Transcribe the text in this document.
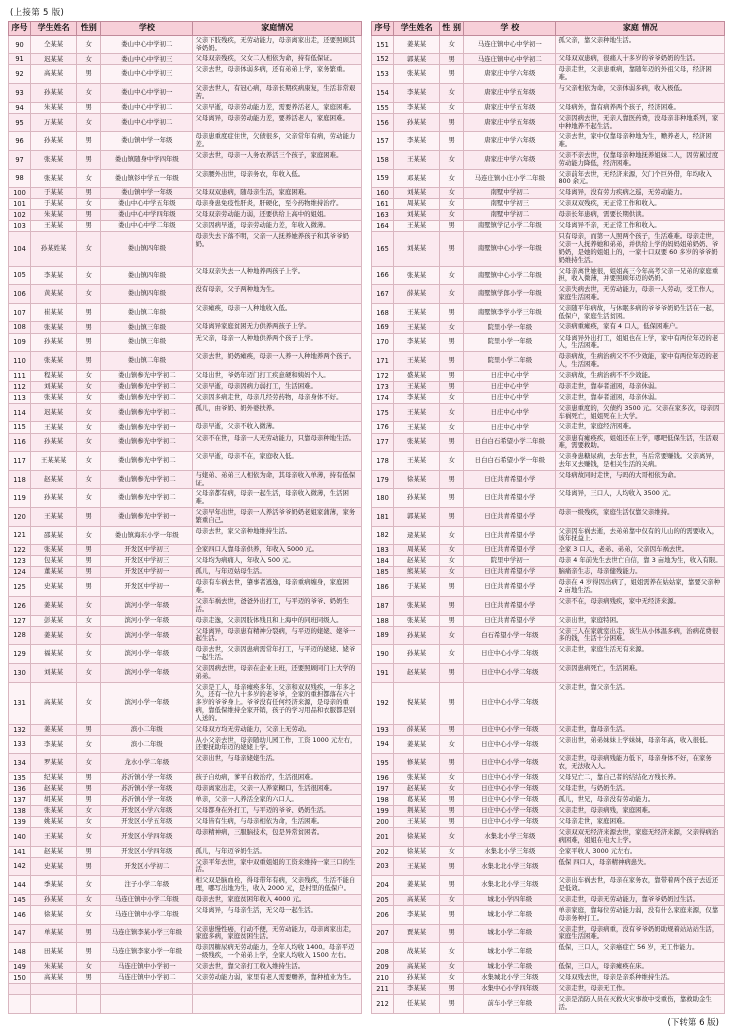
(上接第 5 版)
序号	学生姓名	性别	学校	家庭情况		序号	学生姓名	性 别	学 校	家庭 情况
90	仝某某	女	娄山中心中学初二	父亲下肢残疾，无劳动能力，母亲离家出走，还要照顾其爷奶奶。		151	姜某某	女	马连庄镇中心中学初一	孤父亲，靠父亲种地生活。
91	迟某某	女	娄山中心中学初三	父母双亲残疾，父女二人相依为命，持有低保证。		152	郭某某	男	马连庄镇中心中学初二	父母双双患病，很痛人十多岁的爷爷奶奶的生活。
92	高某某	男	娄山中心中学初三	父亲去世，母亲体弱多病，还有弟弟上学，家务繁重。		153	张某某	男	唐家庄中学六年级	母亲走世，父亲患重病，靠随年迈的外祖父母，经济困难。
93	孙某某	女	娄山中心中学初一	父亲去世人，有冠心病，母亲长期疾病康复，生活非常艰苦。		154	李某某	女	唐家庄中学五年级	与父亲相依为命，父亲体弱多病，收入极低。
94	朱某某	男	娄山中心中学初二	父亲早逝，母亲劳动能力差，需要养活老人，家庭困难。		155	李某某	女	唐家庄中学五年级	父母病外，靠有病养两个孩子，经济困难。
95	万某某	女	娄山中心中学初二	父母离异，母亲劳动能力差，要养活老人，家庭困难。		156	孙某某	男	唐家庄中学五年级	父亲因病去世，无亲人靠医药费，没母亲非种地系列，家中种地养不起生活。
96	孙某某	男	娄山镇中学一年级	母亲患重度症住世，欠债很多，父亲常年有病，劳动能力差。		157	李某某	男	唐家庄中学六年级	父亲去世，家中仅靠母亲种地为生，赡养老人，经济困难。
97	张某某	男	娄山镇随身中学四年级	父亲去世，母亲一人务农养活三个孩子，家庭困难。		158	王某某	女	唐家庄中学六年级	父亲不亲去世，仅靠母亲种地抚养姐妹二人，因劳累过度劳动能力降低，经济困难。
98	张某某	女	娄山镇钐中学五一年级	父亲腰外出世，母亲务农，年收入低。		159	邓某某	女	马连庄镇小庄小学二年级	父亲前年去世，无经济来源，欠门个巨外借，年均收入 800 余元。
100	于某某	男	娄山镇中学一年级	父母双双患病，随母亲生活，家庭困难。		160	刘某某	女	南墅中学初二	父母离异，没有劳力疾病之巡，无劳动能力。
101	于某某	女	娄山中心中学五年级	母亲身患免疫性肝炎，肝硬化，至今药物维持治疗。		161	周某某	女	南墅中学初三	父亲双双残疾，无正常工作和收入。
102	朱某某	男	娄山中心中学四年级	父母双亲劳动能力弱，还要供给上高中的姐姐。		163	刘某某	女	南墅中学初二	母亲长年患病，需要长期供读。
103	王某某	男	娄山中心中学二年级	父亲因病早逝，母亲劳动能力差，年收入微薄。		164	王某某	男	南墅镇学记小学二年级	父母离异不亲，无正常工作和收入。
104	孙某姓某	女	娄山镇四年级	母亲失去下落不明，父亲一人抚养她养孩子和其爷爷奶奶。		165	刘某某	男	南墅镇中心小学一年级	只有母亲，而第一人照两个孩子，生活难难。母亲走世，父亲一人抚养她和弟弟，并供给上学的妈妈姐弟奶奶、爷奶奶，是她的姐姐上的，一家十口双要 60 多岁的爷爷奶奶维持生活。
105	李某某	女	娄山镇四年级	父母双亲失去一人种地养两孩子上学。		166	张某某	女	南墅镇中心小学二年级	父母亲离世她很，姐姐高三今年高考父亲一兄弟的家庭重担，收入微薄，并要照顾年迈的奶奶。
106	黄某某	女	娄山镇四年级	没有母亲，父子两种地为生。		167	薛某某	女	南墅镇学郎小学一年级	父亲失病去世，无劳动能力，母亲一人劳动，受工作人，家庭生活困难。
107	崔某某	男	娄山镇二年级	父亲瘫痪，母亲一人种地收入低。		168	王某某	男	南墅镇李学小学三年级	父亲随平年病故，与休眠多病的爷爷爷奶奶生活在一起，低保户，家庭生活贫困。
108	张某某	男	娄山镇三年级	父母离异家庭贫困无力供养两孩子上学。		169	王某某	女	院里小学一年级	父亲病重瘫痪，家有 4 口人，低保困难户。
109	孙某某	男	娄山镇三年级	无父亲，母亲一人种地供养两个孩子上学。		170	李某某	男	院里小学一年级	父母离异外出打工，姐姐也在上学，家中有两位年迈的老人，生活困难。
110	张某某	男	娄山镇二年级	父亲去世，奶奶瘫痪，母亲一人养一人种地养两个孩子。		171	王某某	男	院里小学二年级	母亲病故，生病治病父不不少效能，家中有两位年迈的老人，生活困难。
111	程某某	女	娄山镇参光中学初二	父母出世，爷奶年迈门打工疾意硬和姨妈个人。		172	盛某某	男	日庄中心中学	父亲病故，生病治病不不少效能。
112	刘某某	女	娄山镇参光中学初二	父亲早逝，母亲因病力弱打工，生活困难。		173	王某某	男	日庄中心中学	母亲走世，靠奉者道困，母亲休弱。
113	张某某	女	娄山镇参光中学初二	父亲因多病走世，母亲几经劳药物，母亲身体不好。		174	李某某	女	日庄中心中学	父亲走世，靠奉者道困，母亲休弱。
114	迟某某	女	娄山镇参光中学初二	孤儿，由爷奶、奶外婆扶养。		175	王某某	女	日庄中心中学	父亲患重度的，欠债约 3500 元。父亲在家多次，母亲因车祸死亡，姐姐死在上大学。
115	王某某	女	娄山镇参光中学初一	母亲早逝，父亲不收入微薄。		176	王某某	女	日庄中心中学	父亲走世，家庭经济困难。
116	孙某某	女	娄山镇参光中学初二	父亲不在世，母亲一人无劳动能力，只靠母亲种地生活。		177	张某某	男	日白白石希望小学二年级	父亲患有瘫痪疾，姐姐还在上学，哪吧低保生活，生活艰难，需要救助。
117	王某某某	女	娄山镇参光中学初二	父亲早逝，母亲不在，家庭收入低。		178	王某某	女	日白白石希望小学一年级	父亲身患糖尿病，去年去世，当后常要赚钱。父亲离异，去年又去赚钱，是相关生活的关病。
118	赵某某	女	娄山镇参光中学初二	与姥弟、弟弟三人相依为命，其母亲收入单薄，持有低保证。		179	徐某某	男	日庄共青希望小学	父母病故同时走世，与吗的大哥相依为命。
119	孙某某	女	娄山镇参光中学初二	父母亲都有病，母亲一起生活，母亲收入微薄，生活困难。		180	孙某某	男	日庄共青希望小学	父母离异，三口人，人均收入 3500 元。
120	王某某	男	娄山镇参光中学初一	父亲早年出世，母亲一人养活爷爷奶奶老姐家蒲薄，家务繁重自己。		181	郭某某	男	日庄共青希望小学	母亲一级残疾，家庭生活仅靠父亲维持。
121	邵某某	女	娄山镇海东小学一年级	母亲去世，家父亲种地维持生活。		182	逯某某	女	日庄共青希望小学	父亲因车祸去逝，去弟弟靠中仅有的儿山的的需要收入，该年抚益上.
122	张某某	男	开发区中学初三	全家四口人靠母亲供养，年收入 5000 元。		183	周某某	女	日庄共青希望小学	全家 3 口人，老弟、弟弟，父亲因车祸去世。
123	包某某	男	开发区中学初三	父母均为病痛人，年收入 500 元。		184	赵某某	女	院里中学初一	母亲 4 年前先生去世亡自信，靠 3 亩地为生，收入有限。
124	董某某	男	开发区中学初一	孤儿，与年迈姑母生活。		185	熊某某	女	日庄共青希望小学	脑痛亲生志，母亲健残能力。
125	史某某	男	开发区中学初一	母亲有车祸去世，肇事者逃逸，母亲重病缠身，家庭困难。		186	于某某	男	日庄共青希望小学	母亲在 4 岁得因出病了，姐姐需养在姑姑家，靠要父亲种 2 亩地生活。
126	姜某某	女	滨河小学一年级	父亲车祸去世，爸爸外出打工，与平迈的爷爷、奶奶生活。		187	张某某	男	日庄共青希望小学	父亲不在，母亲病残疾，家中无经济来源。
127	彭某某	女	滨河小学一年级	母亲走逸，父亲因肢体残且和上海中的同班同级人。		188	张某某	男	日庄共青希望小学	父亲出世，家庭特困。
128	姜某某	女	滨河小学一年级	父母离异，母亲患有精神分裂病，与平迈的姥姥、姥爷一起生活。		189	孙某某	女	白石希望小学一年级	父亲三人在家就室出走，该生从小体温多病，治病花费很多的钱，生活十分困难。
129	福某某	女	滨河小学一年级	母亲去世，父亲因患病需常年打工，与平迈的姥姥、姥爷一起生活。		190	孙某某	女	日庄中心小学二年级	父亲走世，家庭生活无有来源。
130	刘某某	女	滨河小学一年级	父亲因病去世，母亲在企业上班，还要照顾同门上大学的弟弟。		191	赵某某	男	日庄中心小学二年级	父亲因患病死亡，生活困难。
131	高某某	女	滨河小学一年级	父亲是工人，母亲瘫痪多年，父亲和双双残疾，一年多之久，还有一位九十多岁的老爷爷，全家的重担都落在六十多岁的爷爷身上。爷爷没有任何经济来源，是母亲的重病，靠低保维持全家开销，孩子的学习用品和衣服都是别人送的。		192	倪某某	男	日庄中心小学二年级	父亲走世，靠父亲生活。
132	姜某某	男	滨小二年级	父母双方均无劳动能力，父亲上无劳动。		193	薛某某	男	日庄中心小学一年级	父亲走世，靠母亲生活。
133	李某某	女	滨小二年级	从小父亲去世，母亲随幼儿园工作，工资 1000 元左右，还要抚助年迈的姥姥上学。		194	姜某某	女	日庄中心小学一年级	父亲出世，弟弟妹妹上学妹妹，母亲年高，收入很低。
134	罗某某	女	龙水小学二年级	父亲出世，与母亲姥姥生活。		195	修某某	男	日庄中心小学一年级	父亲走世，母亲病残能力低下，母亲身体不好，在家务农，无法收入人。
135	纪某某	男	苏沂镇小学一年级	孩子自幼病，爹平自救治疗，生活很困难。		196	张某某	女	日庄中心小学一年级	父母兄亡二，靠自己者的结结化方残长养。
136	赵某某	男	苏沂镇小学一年级	母亲离家出走，父亲一人养家糊口，生活很困难。		197	赵某某	女	日庄中心小学一年级	父母走世，与奶奶生活。
137	胡某某	男	苏沂镇小学一年级	单亲，父亲一人养活全家的六口人。		198	葛某某	男	日庄中心小学一年级	孤儿，世兄，母亲没有劳动能力。
138	张某某	女	开发区小学六年级	父母都身在外打工，与平迈的爷爷、奶奶生活。		199	荆某某	男	日庄中心小学一年级	父亲走世，母亲病残，家庭困难。
139	姚某某	女	开发区小学五年级	父母皆有生病，与母亲相依为命，生活困难。		200	王某某	男	日庄中心小学一年级	父母亲走世，家庭困难。
140	王某某	女	开发区小学四年级	母亲精神病，三服脑技术，包是异常贫困者。		201	徐某某	女	水集北小学三年级	父亲双双无经济来源去世，家庭无经济来源，父亲得病治病困难，姐姐在电大上学。
141	赵某某	男	开发区小学四年级	孤儿，与年迈爷奶生活。		202	徐某某	女	水集北小学三年级	全家平收人 3000 元左右。
142	史某某	男	开发区小学初二	父亲平年去世，家中双重姐姐的工资来维持一家三口的生活。		203	王某某	男	水集北北小学三年级	低保 四口人，母亲精神病患失。
144	季某某	女	注子小学二年级	相父双是脑血栓，得母带年有病，父亲残疾，生活不能自理，哪写出地为生，收入 2000 元，是村里的低保户。		204	姜某某	男	水集北北小学三年级	父亲出车祸去世，母亲在家务农，靠带着两个孩子去近还是低效。
145	孙某某	女	马连庄镇中小学二年级	母亲去世，家庭贫困年收入 4000 元。		205	高某某	女	城北小学四年级	父亲走世，母亲无劳动能力，靠爷爷奶奶过生活。
146	徐某某	女	马连庄镇中小学二年级	父母离异，与母亲生活，无父母一起生活。		206	李某某	男	城北小学二年级	单亲家庭，靠每位劳动能力弱，没有什么家庭来源，仅靠母亲务种打工。
147	单某某	男	马连庄镇李某小学三年级	父亲患慢性癌，行动不便，无劳动能力，母亲离家出走，家庭多病，家庭贫困生活。		207	贾某某	男	城北小学二年级	父亲走世，母亲病重，没有爷爷奶奶助规着站站站生活，家庭生活困难。
148	田某某	男	马连庄镇李家小学一年级	母亲因糖尿病无劳动能力，全年人均收 1400。母亲平迈一级残疾，一个弟弟上学，全家人均收入 1500 左右。		208	战某某	女	城北小学二年级	低保，三口人，父亲癌症亡 56 岁，无工作能力。
149	朱某某	女	马连庄镇中小学初一	父亲去世，靠父亲打工收入维持生活。		209	高某某	女	城北小学二年级	低保，三口人，母亲瘫痪在床。
150	高某某	男	马连庄镇中小学初二	父亲劳动能力弱，家里有老人需要赡养，靠种植业为生。		210	孙某某	女	水集城北小学三年级	父母双残去世，母亲是亲系种维持生活。
						211	李某某	男	水集中心小学四年级	父亲走世，母亲无工作。
						212	任某某	男	前车小学三年级	父亲是消防人员在灭救火灾事故中受重伤，靠救助金生活。
(下转第 6 版)
